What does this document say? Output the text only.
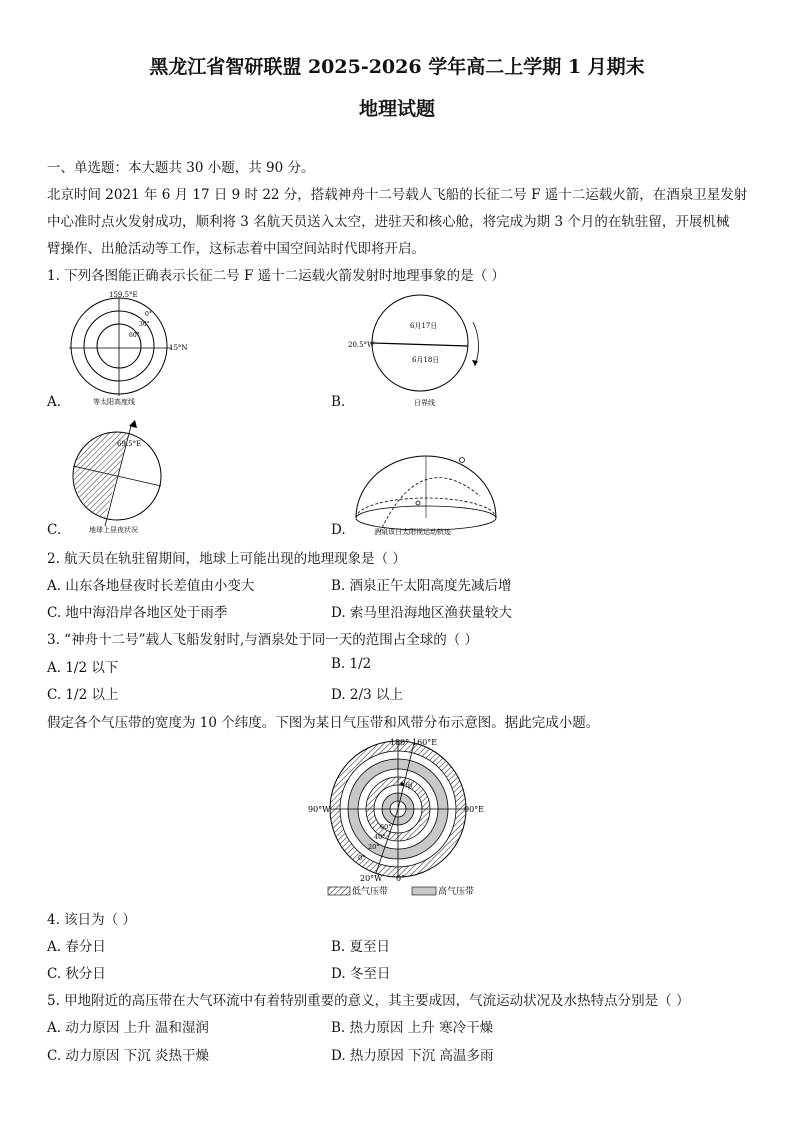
黑龙江省智研联盟 2025-2026 学年高二上学期 1 月期末
地理试题
一、单选题：本大题共 30 小题，共 90 分。
北京时间 2021 年 6 月 17 日 9 时 22 分，搭载神舟十二号载人飞船的长征二号 F 遥十二运载火箭，在酒泉卫星发射
中心准时点火发射成功，顺利将 3 名航天员送入太空，进驻天和核心舱，将完成为期 3 个月的在轨驻留，开展机械
臂操作、出舱活动等工作，这标志着中国空间站时代即将开启。
1. 下列各图能正确表示长征二号 F 遥十二运载火箭发射时地理事象的是（ ）
159.5°E
0°
30°
60°
15°N
等太阳高度线
A.
6月17日
6月18日
20.5°W
日界线
B.
69.5°E
地球上昼夜状况
C.	酒泉该日太阳视运动轨迹
D.
2. 航天员在轨驻留期间，地球上可能出现的地理现象是（ ）
A. 山东各地昼夜时长差值由小变大	B. 酒泉正午太阳高度先减后增
C. 地中海沿岸各地区处于雨季	D. 索马里沿海地区渔获量较大
3. “神舟十二号”载人飞船发射时,与酒泉处于同一天的范围占全球的（ ）
A. 1/2 以下	B. 1/2
C. 1/2 以上	D. 2/3 以上
假定各个气压带的宽度为 10 个纬度。下图为某日气压带和风带分布示意图。据此完成小题。
180° 160°E
甲
90°W	90°E
20°W 0°
60°
40°
20°
0°
低气压带	高气压带
4. 该日为（ ）
A. 春分日	B. 夏至日
C. 秋分日	D. 冬至日
5. 甲地附近的高压带在大气环流中有着特别重要的意义，其主要成因，气流运动状况及水热特点分别是（ ）
A. 动力原因 上升 温和湿润	B. 热力原因 上升 寒冷干燥
C. 动力原因 下沉 炎热干燥	D. 热力原因 下沉 高温多雨
